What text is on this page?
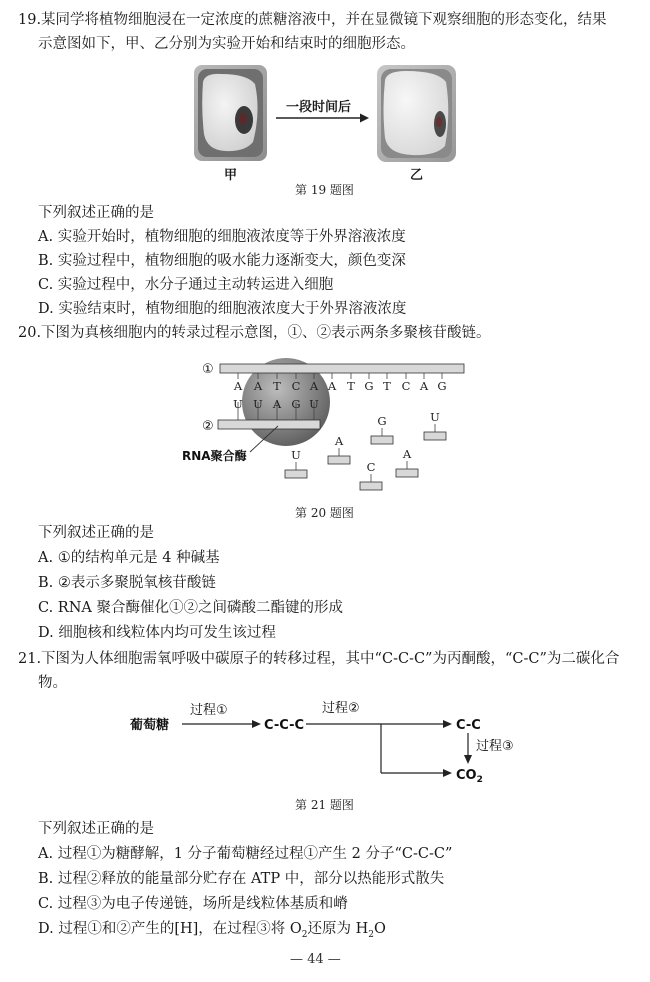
19.某同学将植物细胞浸在一定浓度的蔗糖溶液中，并在显微镜下观察细胞的形态变化，结果
示意图如下，甲、乙分别为实验开始和结束时的细胞形态。
一段时间后
甲	乙
第 19 题图
下列叙述正确的是
A. 实验开始时，植物细胞的细胞液浓度等于外界溶液浓度
B. 实验过程中，植物细胞的吸水能力逐渐变大，颜色变深
C. 实验过程中，水分子通过主动转运进入细胞
D. 实验结束时，植物细胞的细胞液浓度大于外界溶液浓度
20.下图为真核细胞内的转录过程示意图，①、②表示两条多聚核苷酸链。
A A T C A A T G T C A G
U U A G U
G	U
A
U
C
A
①
②
RNA聚合酶
第 20 题图
下列叙述正确的是
A. ①的结构单元是 4 种碱基
B. ②表示多聚脱氧核苷酸链
C. RNA 聚合酶催化①②之间磷酸二酯键的形成
D. 细胞核和线粒体内均可发生该过程
21.下图为人体细胞需氧呼吸中碳原子的转移过程，其中“C-C-C”为丙酮酸，“C-C”为二碳化合
物。
葡萄糖
过程①
C-C-C
过程②
C-C
过程③
$CO_2$
第 21 题图
下列叙述正确的是
A. 过程①为糖酵解，1 分子葡萄糖经过程①产生 2 分子“C-C-C”
B. 过程②释放的能量部分贮存在 ATP 中，部分以热能形式散失
C. 过程③为电子传递链，场所是线粒体基质和嵴
D. 过程①和②产生的[H]，在过程③将 $O_2$还原为 $H_2O$
— 44 —
